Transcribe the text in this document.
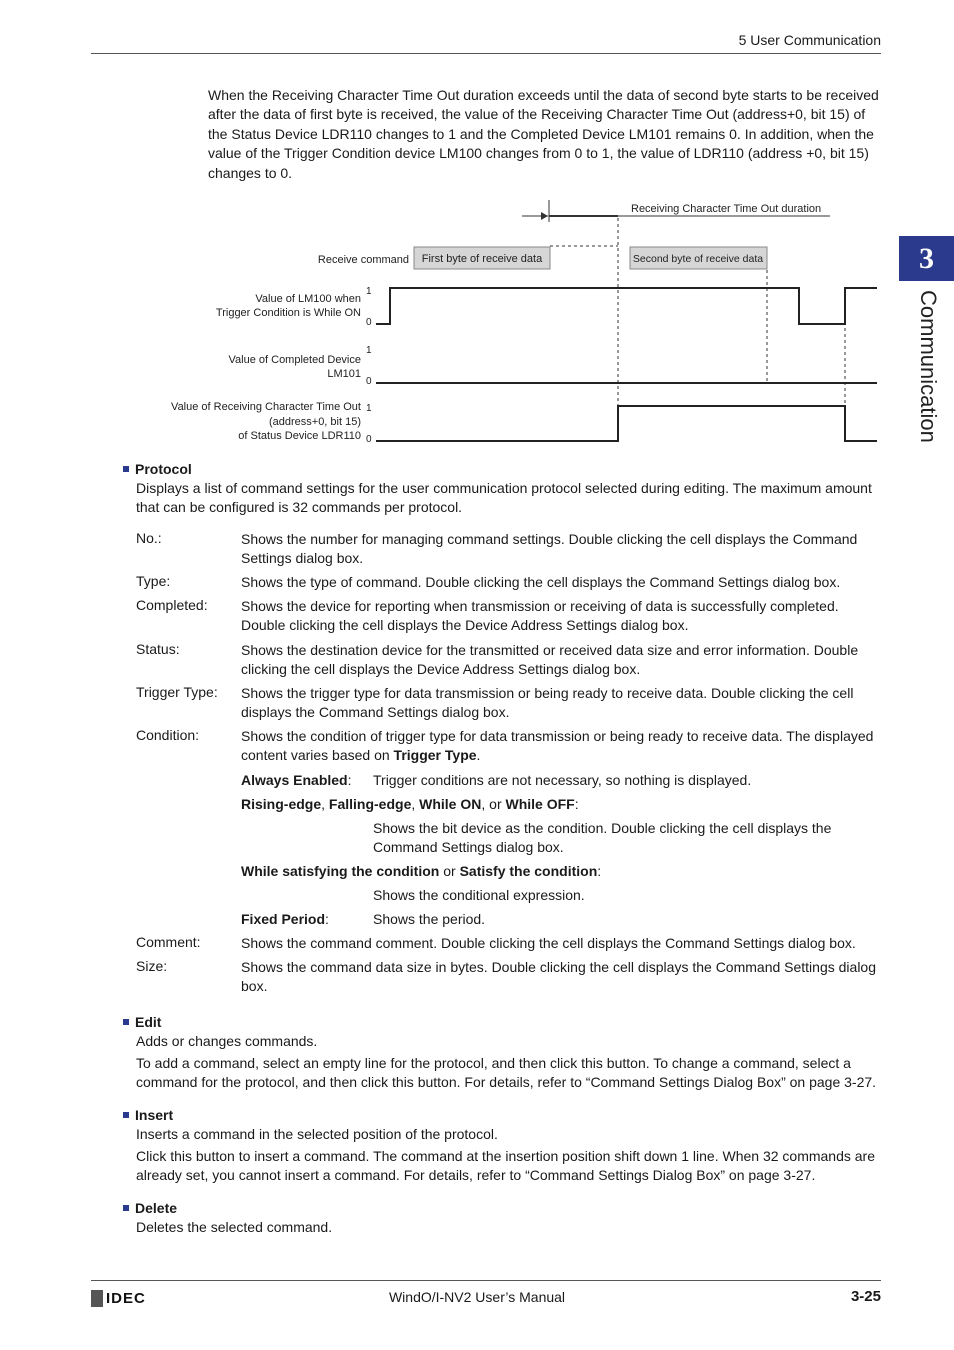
5 User Communication
3
Communication
When the Receiving Character Time Out duration exceeds until the data of second byte starts to be received after the data of first byte is received, the value of the Receiving Character Time Out (address+0, bit 15) of the Status Device LDR110 changes to 1 and the Completed Device LM101 remains 0. In addition, when the value of the Trigger Condition device LM100 changes from 0 to 1, the value of LDR110 (address +0, bit 15) changes to 0.
Receiving Character Time Out duration
Receive command First byte of receive data	Second byte of receive data
Value of LM100 when
Trigger Condition is While ON
1
0
Value of Completed Device
LM101
1
0
Value of Receiving Character Time Out
(address+0, bit 15)
of Status Device LDR110
1
0
Protocol
Displays a list of command settings for the user communication protocol selected during editing. The maximum amount that can be configured is 32 commands per protocol.
No.:	Shows the number for managing command settings. Double clicking the cell displays the Command Settings dialog box.
Type:	Shows the type of command. Double clicking the cell displays the Command Settings dialog box.
Completed: Shows the device for reporting when transmission or receiving of data is successfully completed. Double clicking the cell displays the Device Address Settings dialog box.
Status:	Shows the destination device for the transmitted or received data size and error information. Double clicking the cell displays the Device Address Settings dialog box.
Trigger Type: Shows the trigger type for data transmission or being ready to receive data. Double clicking the cell displays the Command Settings dialog box.
Condition:	Shows the condition of trigger type for data transmission or being ready to receive data. The displayed content varies based on Trigger Type.
Always Enabled:	Trigger conditions are not necessary, so nothing is displayed.
Rising-edge, Falling-edge, While ON, or While OFF:
Shows the bit device as the condition. Double clicking the cell displays the Command Settings dialog box.
While satisfying the condition or Satisfy the condition:
Shows the conditional expression.
Fixed Period:	Shows the period.
Comment:	Shows the command comment. Double clicking the cell displays the Command Settings dialog box.
Size:	Shows the command data size in bytes. Double clicking the cell displays the Command Settings dialog box.
Edit
Adds or changes commands.
To add a command, select an empty line for the protocol, and then click this button. To change a command, select a command for the protocol, and then click this button. For details, refer to “Command Settings Dialog Box” on page 3-27.
Insert
Inserts a command in the selected position of the protocol.
Click this button to insert a command. The command at the insertion position shift down 1 line. When 32 commands are already set, you cannot insert a command. For details, refer to “Command Settings Dialog Box” on page 3-27.
Delete
Deletes the selected command.
IDEC	WindO/I-NV2 User’s Manual	3-25
